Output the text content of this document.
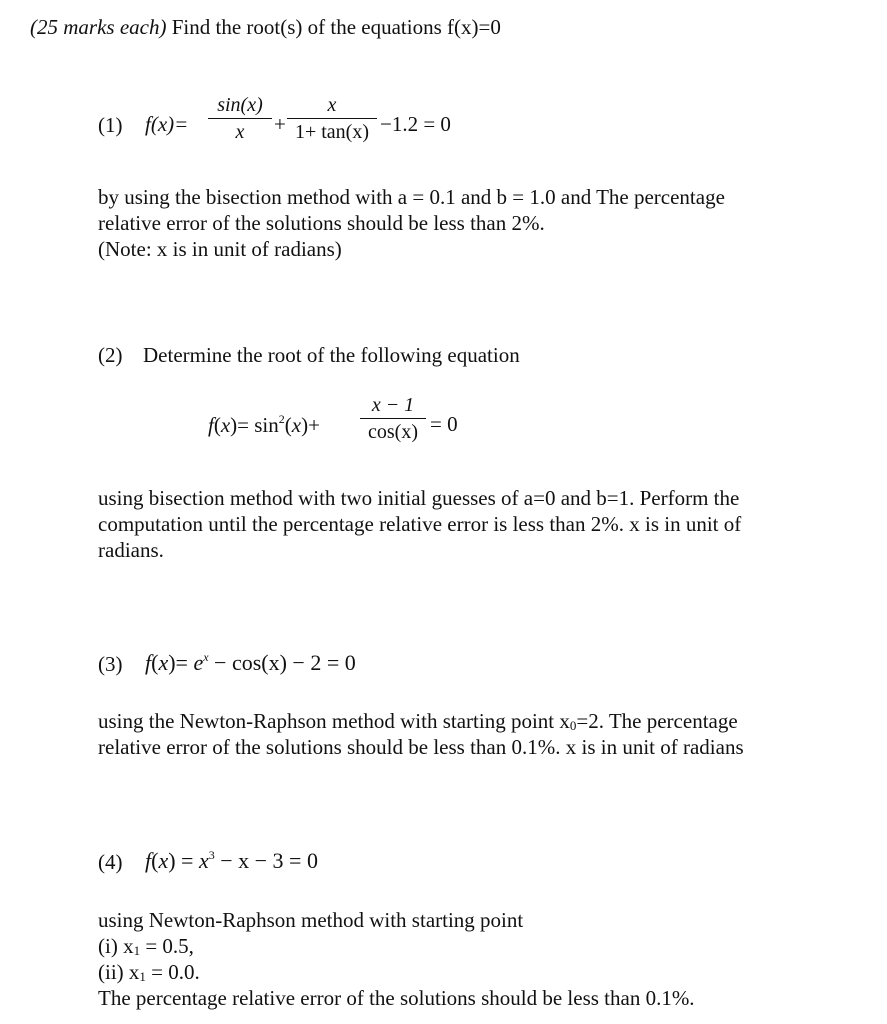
(25 marks each) Find the root(s) of the equations f(x)=0
(1) f(x)=
sin(x)
x	+
x
1+ tan(x) −1.2 = 0
by using the bisection method with a = 0.1 and b = 1.0 and The percentage
relative error of the solutions should be less than 2%.
(Note: x is in unit of radians)
(2) Determine the root of the following equation
$f(x)= \sin^2(x)+$
x − 1
cos(x) = 0
using bisection method with two initial guesses of a=0 and b=1. Perform the
computation until the percentage relative error is less than 2%. x is in unit of
radians.
(3) $f(x)= e^x - \cos(x) - 2 = 0$
using the Newton-Raphson method with starting point $x_0=2$. The percentage
relative error of the solutions should be less than 0.1%. x is in unit of radians
(4) $f(x) = x^3 - x - 3 = 0$
using Newton-Raphson method with starting point
(i) $x_1 = 0.5$,
(ii) $x_1 = 0.0$.
The percentage relative error of the solutions should be less than 0.1%.
